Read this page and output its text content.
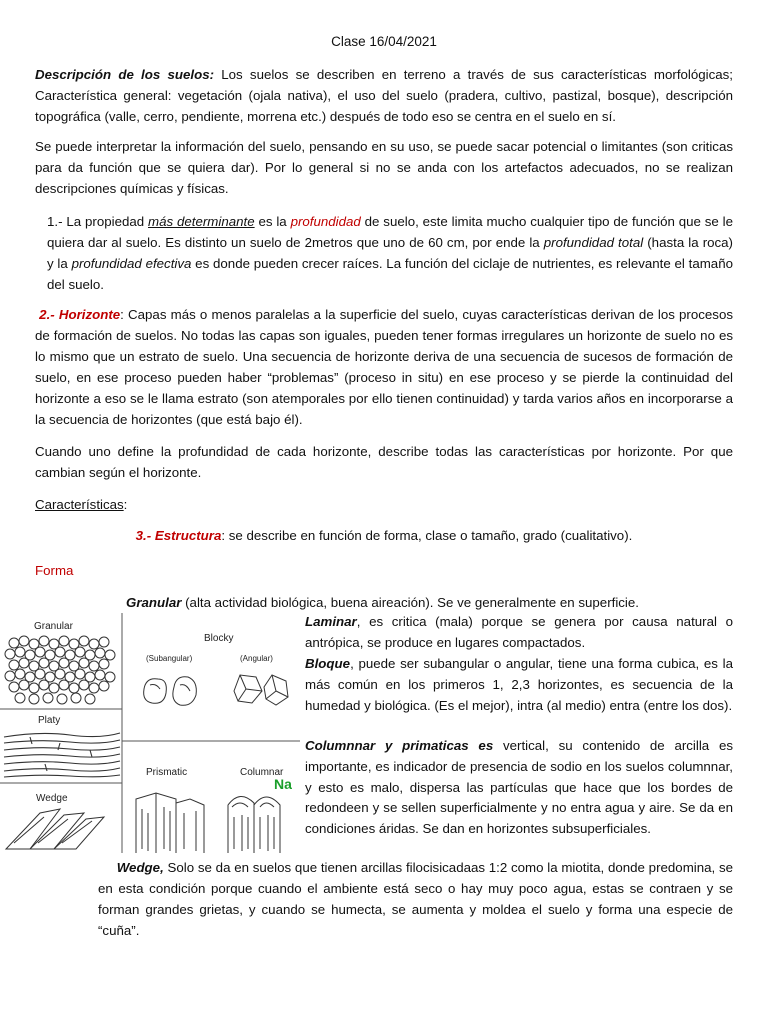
Clase 16/04/2021

Descripción de los suelos: Los suelos se describen en terreno a través de sus características morfológicas; Característica general: vegetación (ojala nativa), el uso del suelo (pradera, cultivo, pastizal, bosque), descripción topográfica (valle, cerro, pendiente, morrena etc.) después de todo eso se centra en el suelo en sí.

Se puede interpretar la información del suelo, pensando en su uso, se puede sacar potencial o limitantes (son criticas para da función que se quiera dar). Por lo general si no se anda con los artefactos adecuados, no se realizan descripciones químicas y físicas.

1.- La propiedad más determinante es la profundidad de suelo, este limita mucho cualquier tipo de función que se le quiera dar al suelo. Es distinto un suelo de 2metros que uno de 60 cm, por ende la profundidad total (hasta la roca) y la profundidad efectiva es donde pueden crecer raíces. La función del ciclaje de nutrientes, es relevante el tamaño del suelo.

2.- Horizonte: Capas más o menos paralelas a la superficie del suelo, cuyas características derivan de los procesos de formación de suelos. No todas las capas son iguales, pueden tener formas irregulares un horizonte de suelo no es lo mismo que un estrato de suelo. Una secuencia de horizonte deriva de una secuencia de sucesos de formación de suelo, en ese proceso pueden haber “problemas” (proceso in situ) en ese proceso y se pierde la continuidad del horizonte a eso se le llama estrato (son atemporales por ello tienen continuidad) y tarda varios años en incorporarse a la secuencia de horizontes (que está bajo él).

Cuando uno define la profundidad de cada horizonte, describe todas las características por horizonte. Por que cambian según el horizonte.

Características:

3.- Estructura: se describe en función de forma, clase o tamaño, grado (cualitativo).

Forma

Granular (alta actividad biológica, buena aireación). Se ve generalmente en superficie.

Granular
Platy
Wedge
Blocky
(Subangular)	(Angular)
Prismatic	Columnar
Na

Laminar, es critica (mala) porque se genera por causa natural o antrópica, se produce en lugares compactados.

Bloque, puede ser subangular o angular, tiene una forma cubica, es la más común en los primeros 1, 2,3 horizontes, es secuencia de la humedad y biológica. (Es el mejor), intra (al medio) entra (entre los dos).

Columnnar y primaticas es vertical, su contenido de arcilla es importante, es indicador de presencia de sodio en los suelos columnnar, y esto es malo, dispersa las partículas que hace que los bordes de redondeen y se sellen superficialmente y no entra agua y aire. Se da en condiciones áridas. Se dan en horizontes subsuperficiales.

Wedge, Solo se da en suelos que tienen arcillas filocisicadaas 1:2 como la miotita, donde predomina, se en esta condición porque cuando el ambiente está seco o hay muy poco agua, estas se contraen y se forman grandes grietas, y cuando se humecta, se aumenta y moldea el suelo y forma una especie de “cuña”.
